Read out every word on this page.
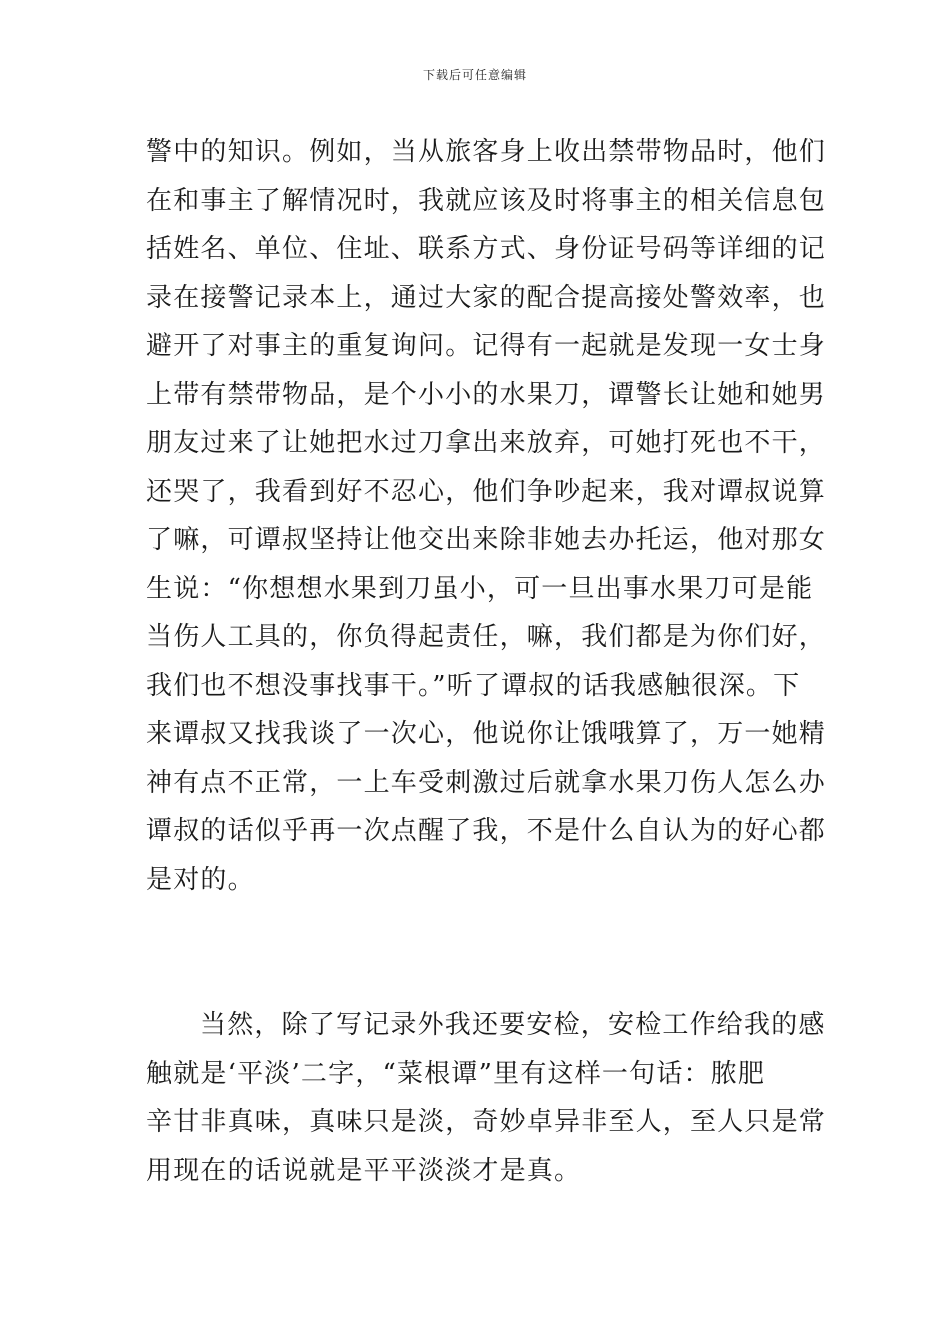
下载后可任意编辑
警中的知识。例如，当从旅客身上收出禁带物品时，他们
在和事主了解情况时，我就应该及时将事主的相关信息包
括姓名、单位、住址、联系方式、身份证号码等详细的记
录在接警记录本上，通过大家的配合提高接处警效率，也
避开了对事主的重复询问。记得有一起就是发现一女士身
上带有禁带物品，是个小小的水果刀，谭警长让她和她男
朋友过来了让她把水过刀拿出来放弃，可她打死也不干，
还哭了，我看到好不忍心，他们争吵起来，我对谭叔说算
了嘛，可谭叔坚持让他交出来除非她去办托运，他对那女
生说：“你想想水果到刀虽小，可一旦出事水果刀可是能
当伤人工具的，你负得起责任，嘛，我们都是为你们好，
我们也不想没事找事干。”听了谭叔的话我感触很深。下
来谭叔又找我谈了一次心，他说你让饿哦算了，万一她精
神有点不正常，一上车受刺激过后就拿水果刀伤人怎么办
谭叔的话似乎再一次点醒了我，不是什么自认为的好心都
是对的。
当然，除了写记录外我还要安检，安检工作给我的感
触就是‘平淡’二字，“菜根谭”里有这样一句话：脓肥
辛甘非真味，真味只是淡，奇妙卓异非至人，至人只是常
用现在的话说就是平平淡淡才是真。
